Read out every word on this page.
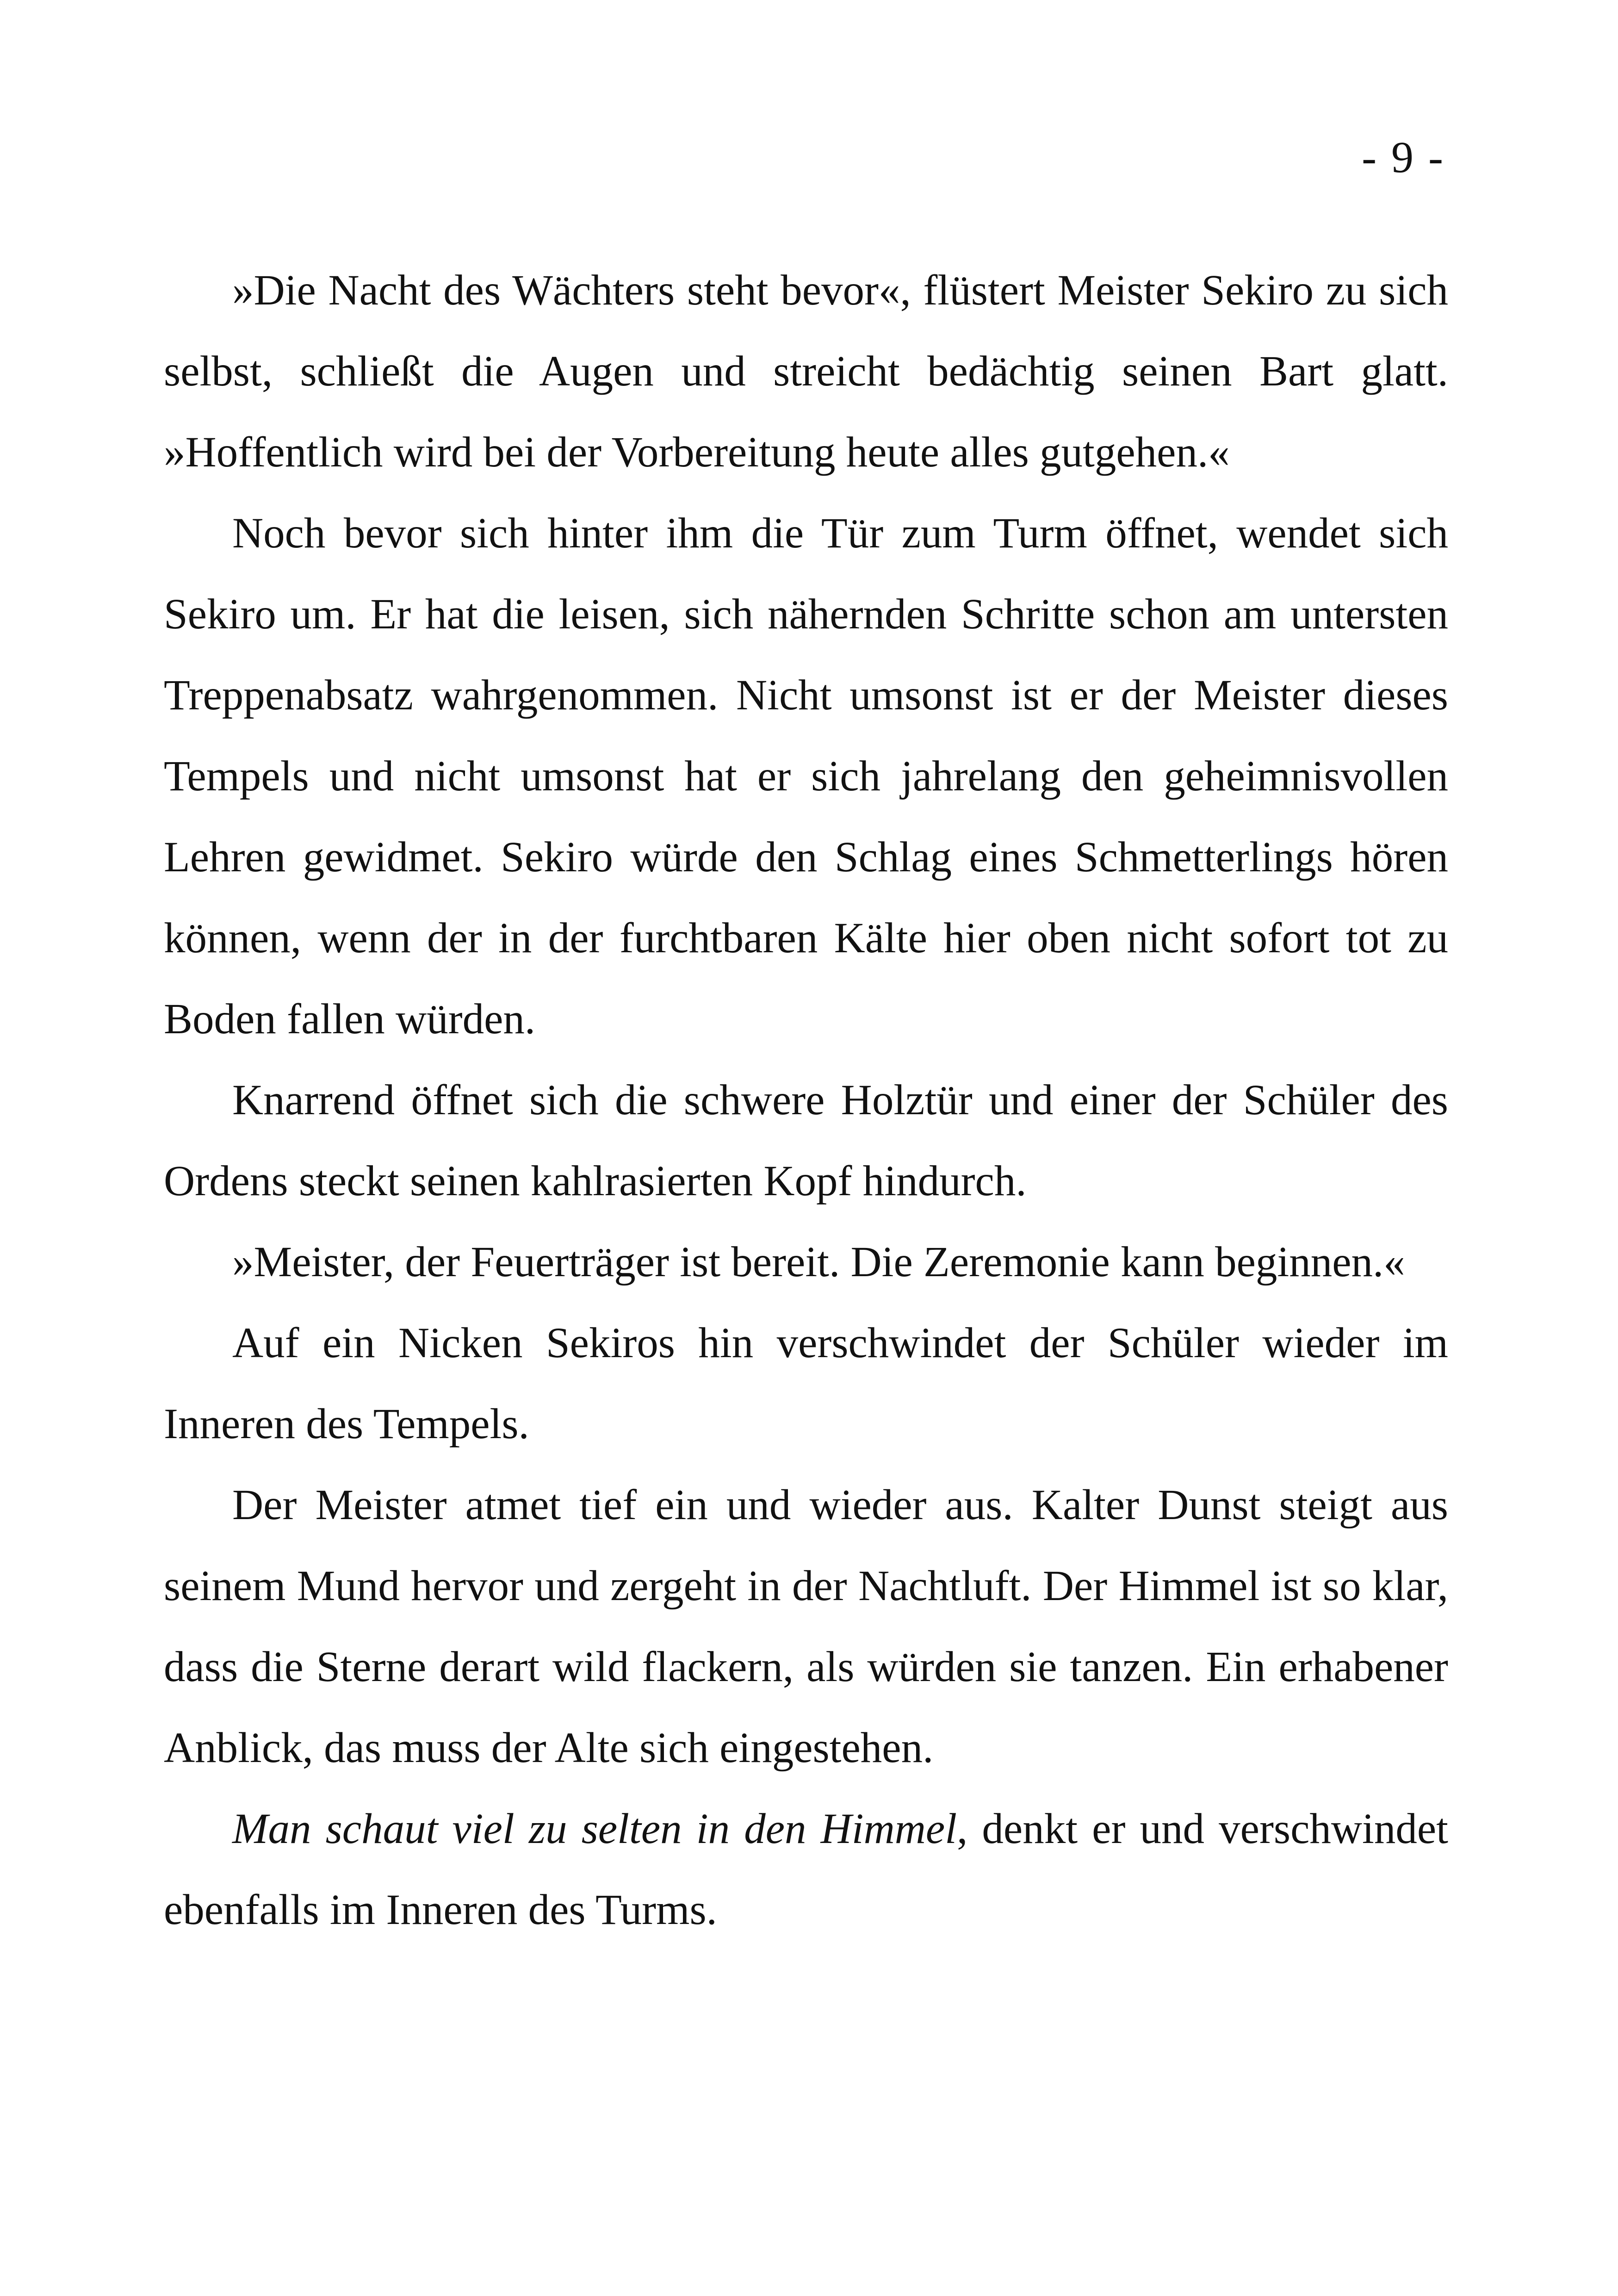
- 9 -

»Die Nacht des Wächters steht bevor«, flüstert Meister Sekiro zu sich selbst, schließt die Augen und streicht bedächtig seinen Bart glatt. »Hoffentlich wird bei der Vorbereitung heute alles gutgehen.«

Noch bevor sich hinter ihm die Tür zum Turm öffnet, wendet sich Sekiro um. Er hat die leisen, sich nähernden Schritte schon am untersten Treppenabsatz wahrgenommen. Nicht umsonst ist er der Meister dieses Tempels und nicht umsonst hat er sich jahrelang den geheimnisvollen Lehren gewidmet. Sekiro würde den Schlag eines Schmetterlings hören können, wenn der in der furchtbaren Kälte hier oben nicht sofort tot zu Boden fallen würden.

Knarrend öffnet sich die schwere Holztür und einer der Schüler des Ordens steckt seinen kahlrasierten Kopf hindurch.

»Meister, der Feuerträger ist bereit. Die Zeremonie kann beginnen.«

Auf ein Nicken Sekiros hin verschwindet der Schüler wieder im Inneren des Tempels.

Der Meister atmet tief ein und wieder aus. Kalter Dunst steigt aus seinem Mund hervor und zergeht in der Nachtluft. Der Himmel ist so klar, dass die Sterne derart wild flackern, als würden sie tanzen. Ein erhabener Anblick, das muss der Alte sich eingestehen.

Man schaut viel zu selten in den Himmel, denkt er und verschwindet ebenfalls im Inneren des Turms.
